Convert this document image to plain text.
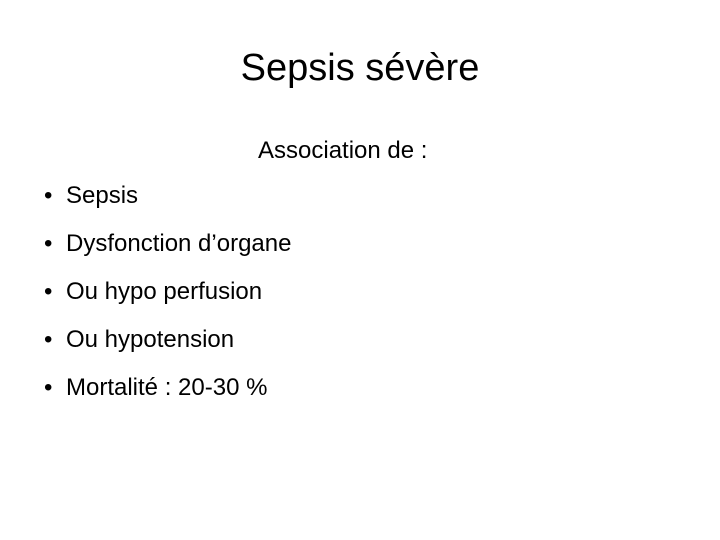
Sepsis sévère

Association de :

• Sepsis
• Dysfonction d’organe
• Ou hypo perfusion
• Ou hypotension
• Mortalité : 20-30 %
